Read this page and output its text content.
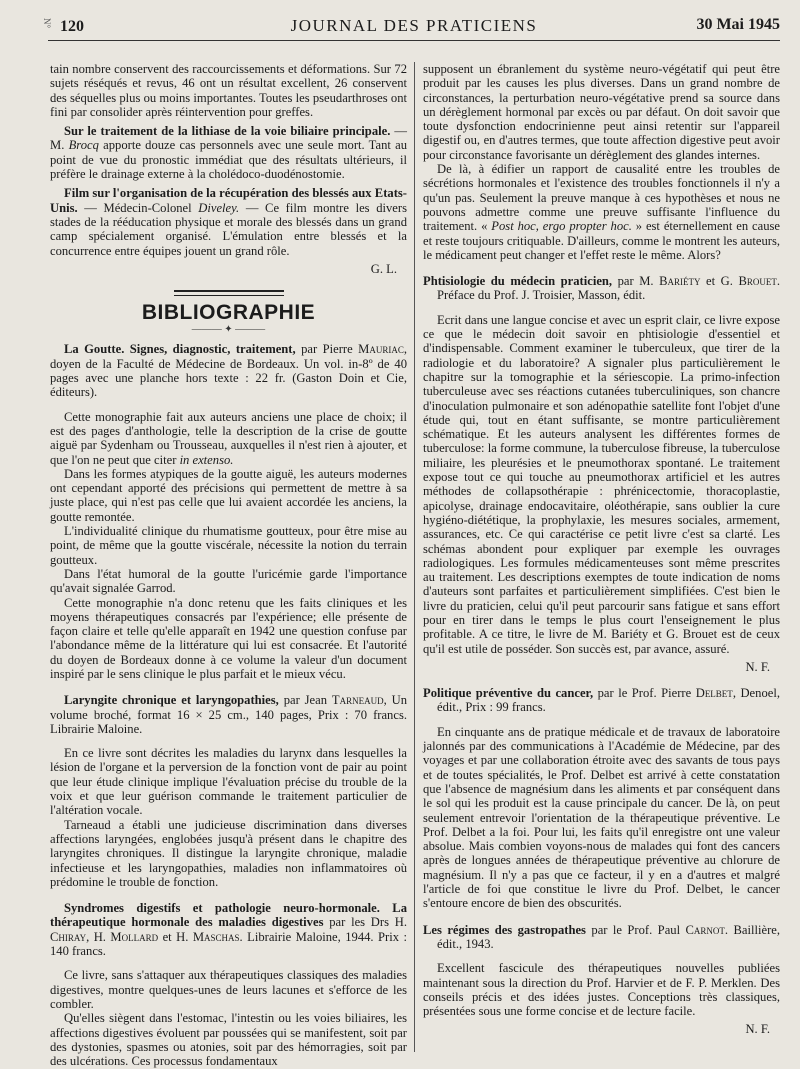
N° 120	JOURNAL DES PRATICIENS	30 Mai 1945

tain nombre conservent des raccourcissements et déformations. Sur 72 sujets réséqués et revus, 46 ont un résultat excellent, 26 conservent des séquelles plus ou moins importantes. Toutes les pseudarthroses ont fini par consolider après réintervention pour greffes.

Sur le traitement de la lithiase de la voie biliaire principale. — M. Brocq apporte douze cas personnels avec une seule mort. Tant au point de vue du pronostic immédiat que des résultats ultérieurs, il préfère le drainage externe à la cholédoco-duodénostomie.

Film sur l'organisation de la récupération des blessés aux Etats-Unis. — Médecin-Colonel Diveley. — Ce film montre les divers stades de la rééducation physique et morale des blessés dans un grand camp spécialement organisé. L'émulation entre blessés et la concurrence entre équipes jouent un grand rôle.

G. L.

BIBLIOGRAPHIE
——— ✦ ———

La Goutte. Signes, diagnostic, traitement, par Pierre Mauriac, doyen de la Faculté de Médecine de Bordeaux. Un vol. in-8º de 40 pages avec une planche hors texte : 22 fr. (Gaston Doin et Cie, éditeurs).

Cette monographie fait aux auteurs anciens une place de choix; il est des pages d'anthologie, telle la description de la crise de goutte aiguë par Sydenham ou Trousseau, auxquelles il n'est rien à ajouter, et que l'on ne peut que citer in extenso.

Dans les formes atypiques de la goutte aiguë, les auteurs modernes ont cependant apporté des précisions qui permettent de mettre à sa juste place, qui n'est pas celle que lui avaient accordée les anciens, la goutte remontée.

L'individualité clinique du rhumatisme goutteux, pour être mise au point, de même que la goutte viscérale, nécessite la notion du terrain goutteux.

Dans l'état humoral de la goutte l'uricémie garde l'importance qu'avait signalée Garrod.

Cette monographie n'a donc retenu que les faits cliniques et les moyens thérapeutiques consacrés par l'expérience; elle présente de façon claire et telle qu'elle apparaît en 1942 une question confuse par l'abondance même de la littérature qui lui est consacrée. Et l'autorité du doyen de Bordeaux donne à ce volume la valeur d'un document inspiré par le sens clinique le plus parfait et le mieux vécu.

Laryngite chronique et laryngopathies, par Jean Tarneaud, Un volume broché, format 16 × 25 cm., 140 pages, Prix : 70 francs. Librairie Maloine.

En ce livre sont décrites les maladies du larynx dans lesquelles la lésion de l'organe et la perversion de la fonction vont de pair au point que leur étude clinique implique l'évaluation précise du trouble de la voix et que leur guérison commande le traitement particulier de l'altération vocale.

Tarneaud a établi une judicieuse discrimination dans diverses affections laryngées, englobées jusqu'à présent dans le chapitre des laryngites chroniques. Il distingue la laryngite chronique, maladie infectieuse et les laryngopathies, maladies non inflammatoires où prédomine le trouble de fonction.

Syndromes digestifs et pathologie neuro-hormonale. La thérapeutique hormonale des maladies digestives par les Drs H. Chiray, H. Mollard et H. Maschas. Librairie Maloine, 1944. Prix : 140 francs.

Ce livre, sans s'attaquer aux thérapeutiques classiques des maladies digestives, montre quelques-unes de leurs lacunes et s'efforce de les combler.

Qu'elles siègent dans l'estomac, l'intestin ou les voies biliaires, les affections digestives évoluent par poussées qui se manifestent, soit par des dystonies, spasmes ou atonies, soit par des hémorragies, soit par des ulcérations. Ces processus fondamentaux

supposent un ébranlement du système neuro-végétatif qui peut être produit par les causes les plus diverses. Dans un grand nombre de circonstances, la perturbation neuro-végétative prend sa source dans un dérèglement hormonal par excès ou par défaut. On doit savoir que toute dysfonction endocrinienne peut ainsi retentir sur l'appareil digestif ou, en d'autres termes, que toute affection digestive peut avoir pour circonstance favorisante un dérèglement des glandes internes.

De là, à édifier un rapport de causalité entre les troubles de sécrétions hormonales et l'existence des troubles fonctionnels il n'y a qu'un pas. Seulement la preuve manque à ces hypothèses et nous ne pouvons admettre comme une preuve suffisante l'influence du traitement. « Post hoc, ergo propter hoc. » est éternellement en cause et reste toujours critiquable. D'ailleurs, comme le montrent les auteurs, le médicament peut changer et l'effet reste le même. Alors?

Phtisiologie du médecin praticien, par M. Bariéty et G. Brouet. Préface du Prof. J. Troisier, Masson, édit.

Ecrit dans une langue concise et avec un esprit clair, ce livre expose ce que le médecin doit savoir en phtisiologie d'essentiel et d'indispensable. Comment examiner le tuberculeux, que tirer de la radiologie et du laboratoire? A signaler plus particulièrement le chapitre sur la tomographie et la sériescopie. La primo-infection tuberculeuse avec ses réactions cutanées tuberculiniques, son chancre d'inoculation pulmonaire et son adénopathie satellite font l'objet d'une étude qui, tout en étant suffisante, se montre particulièrement schématique. Et les auteurs analysent les différentes formes de tuberculose: la forme commune, la tuberculose fibreuse, la tuberculose miliaire, les pleurésies et le pneumothorax spontané. Le traitement expose tout ce qui touche au pneumothorax artificiel et les autres méthodes de collapsothérapie : phrénicectomie, thoracoplastie, apicolyse, drainage endocavitaire, oléothérapie, sans oublier la cure hygiéno-diététique, la prophylaxie, les mesures sociales, armement, assurances, etc. Ce qui caractérise ce petit livre c'est sa clarté. Les schémas abondent pour expliquer par exemple les ouvrages radiologiques. Les formules médicamenteuses sont même prescrites au traitement. Les descriptions exemptes de toute indication de noms d'auteurs sont parfaites et particulièrement simplifiées. C'est bien le livre du praticien, celui qu'il peut parcourir sans fatigue et sans effort pour en tirer dans le temps le plus court l'enseignement le plus profitable. A ce titre, le livre de M. Bariéty et G. Brouet est de ceux qu'il est utile de posséder. Son succès est, par avance, assuré.

N. F.

Politique préventive du cancer, par le Prof. Pierre Delbet, Denoel, édit., Prix : 99 francs.

En cinquante ans de pratique médicale et de travaux de laboratoire jalonnés par des communications à l'Académie de Médecine, par des voyages et par une collaboration étroite avec des savants de tous pays et de toutes spécialités, le Prof. Delbet est arrivé à cette constatation que l'absence de magnésium dans les aliments et par conséquent dans le sol qui les produit est la cause principale du cancer. De là, on peut seulement entrevoir l'orientation de la thérapeutique préventive. Le Prof. Delbet a la foi. Pour lui, les faits qu'il enregistre ont une valeur absolue. Mais combien voyons-nous de malades qui font des cancers après de longues années de thérapeutique préventive au chlorure de magnésium. Il n'y a pas que ce facteur, il y en a d'autres et malgré l'article de foi que constitue le livre du Prof. Delbet, le cancer s'entoure encore de bien des obscurités.

Les régimes des gastropathes par le Prof. Paul Carnot. Baillière, édit., 1943.

Excellent fascicule des thérapeutiques nouvelles publiées maintenant sous la direction du Prof. Harvier et de F. P. Merklen. Des conseils précis et des idées justes. Conceptions très classiques, présentées sous une forme concise et de lecture facile.

N. F.
